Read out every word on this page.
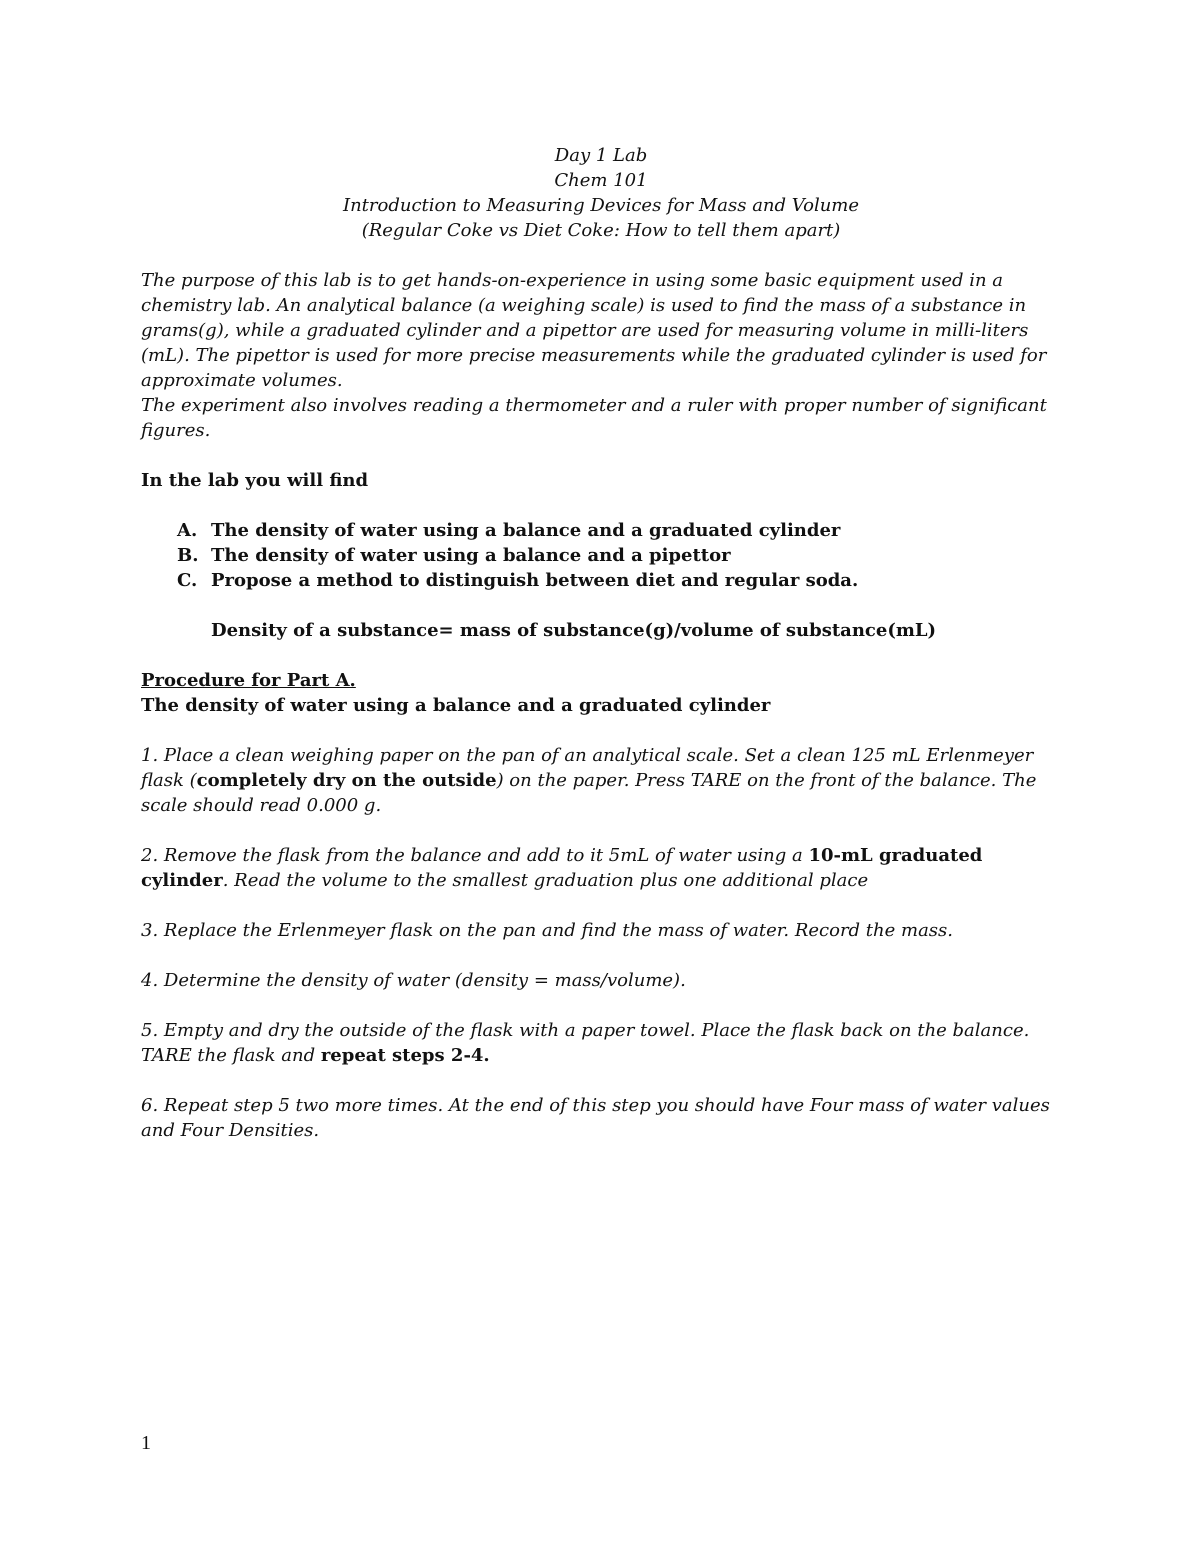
Day 1 Lab

Chem 101

Introduction to Measuring Devices for Mass and Volume

(Regular Coke vs Diet Coke: How to tell them apart)

The purpose of this lab is to get hands-on-experience in using some basic equipment used in a chemistry lab. An analytical balance (a weighing scale) is used to find the mass of a substance in grams(g), while a graduated cylinder and a pipettor are used for measuring volume in milli-liters (mL). The pipettor is used for more precise measurements while the graduated cylinder is used for approximate volumes.

The experiment also involves reading a thermometer and a ruler with proper number of significant figures.

In the lab you will find

A. The density of water using a balance and a graduated cylinder
B. The density of water using a balance and a pipettor
C. Propose a method to distinguish between diet and regular soda.

Density of a substance= mass of substance(g)/volume of substance(mL)

Procedure for Part A.

The density of water using a balance and a graduated cylinder

1. Place a clean weighing paper on the pan of an analytical scale. Set a clean 125 mL Erlenmeyer flask (completely dry on the outside) on the paper. Press TARE on the front of the balance. The scale should read 0.000 g.

2. Remove the flask from the balance and add to it 5mL of water using a 10-mL graduated cylinder. Read the volume to the smallest graduation plus one additional place

3. Replace the Erlenmeyer flask on the pan and find the mass of water. Record the mass.

4. Determine the density of water (density = mass/volume).

5. Empty and dry the outside of the flask with a paper towel. Place the flask back on the balance. TARE the flask and repeat steps 2-4.

6. Repeat step 5 two more times. At the end of this step you should have Four mass of water values and Four Densities.

1
